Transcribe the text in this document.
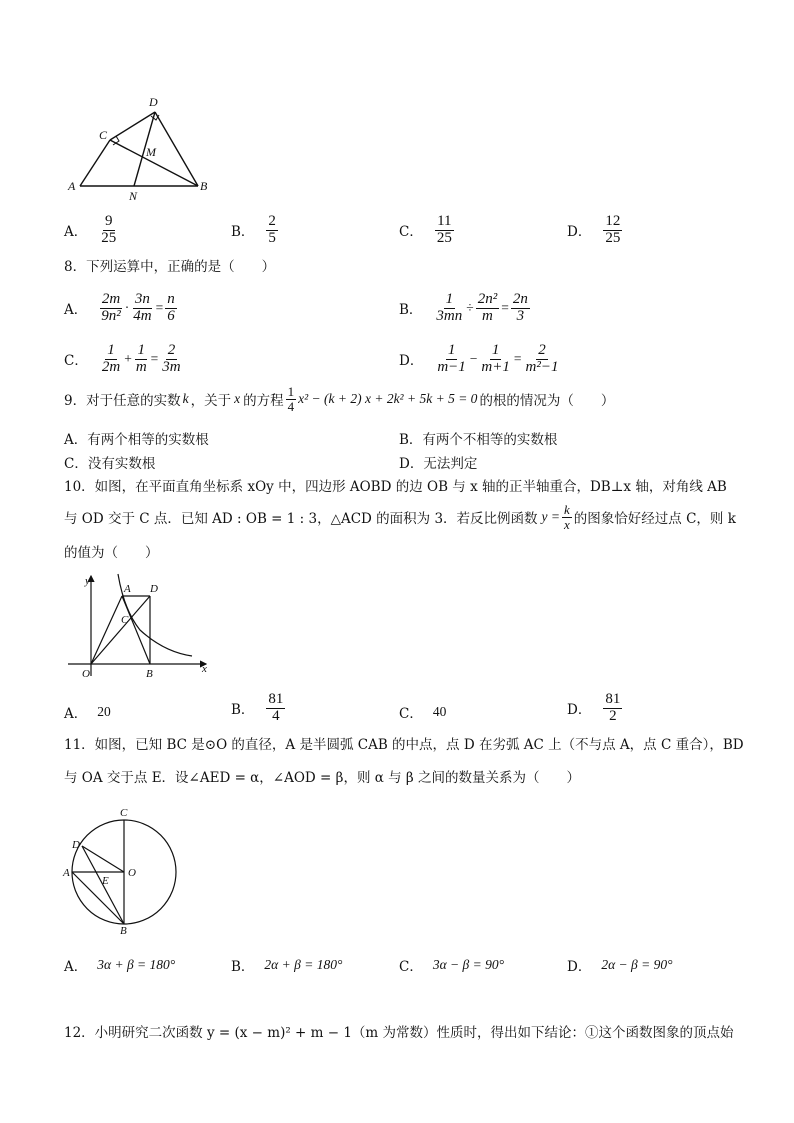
D
C
M
A
N
B
A． $\frac{9}{25}$	B． $\frac{2}{5}$	C． $\frac{11}{25}$	D． $\frac{12}{25}$
8．下列运算中，正确的是（　　）
A． $\frac{2m}{\text{9n²}} \cdot \frac{3n}{4m} = \frac{n}{6}$	B． $\frac{1}{3mn} \div \frac{\text{2n²}}{m} = \frac{2n}{3}$
C． $\frac{1}{2m} + \frac{1}{m} = \frac{2}{3m}$	D． $\frac{1}{m-1} - \frac{1}{m+1} = \frac{2}{\text{m²−1}}$
9．对于任意的实数 k ，关于 x 的方程 $\frac{1}{4} x^2 - (k + 2) x + 2k^2 + 5k + 5 = 0$ 的根的情况为（　　）
A． 有两个相等的实数根	B． 有两个不相等的实数根
C． 没有实数根	D． 无法判定
10．如图，在平面直角坐标系 xOy 中，四边形 AOBD 的边 OB 与 x 轴的正半轴重合，DB⊥x 轴，对角线 AB
与 OD 交于 C 点．已知 AD : OB = 1 : 3，△ACD 的面积为 3．若反比例函数 $y = \frac{k}{x}$ 的图象恰好经过点 C，则 k
的值为（　　）
y
A D
C
O	B	x
A． 20	B． $\frac{81}{4}$	C． 40	D． $\frac{81}{2}$
11．如图，已知 BC 是⊙O 的直径，A 是半圆弧 CAB 的中点，点 D 在劣弧 AC 上（不与点 A，点 C 重合），BD
与 OA 交于点 E．设∠AED = α，∠AOD = β，则 α 与 β 之间的数量关系为（　　）
C
D
A
E
O
B
A． 3α + β = 180°	B． 2α + β = 180°	C． 3α − β = 90°	D． 2α − β = 90°
12．小明研究二次函数 y = (x − m)² + m − 1（m 为常数）性质时，得出如下结论：①这个函数图象的顶点始
